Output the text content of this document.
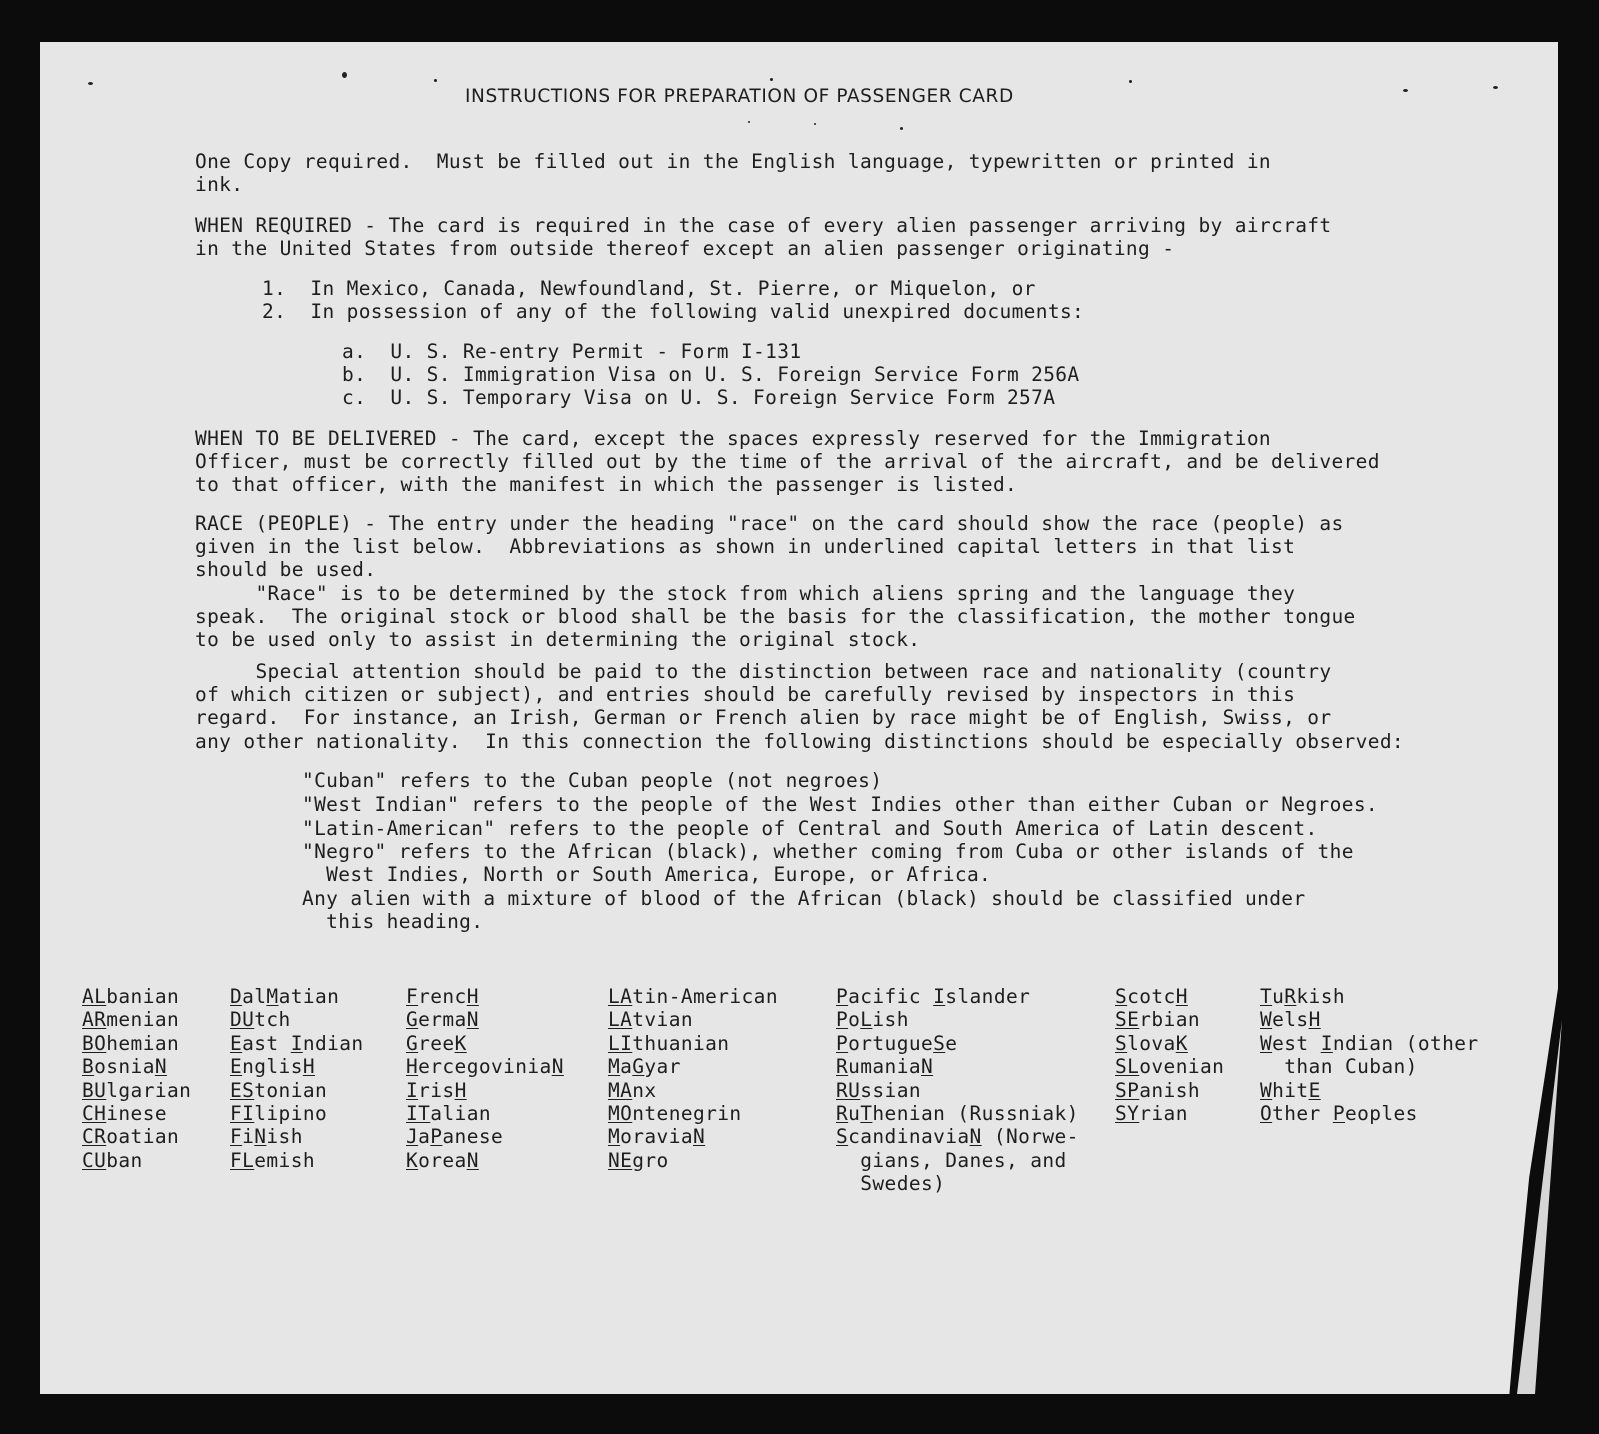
INSTRUCTIONS FOR PREPARATION OF PASSENGER CARD
One Copy required.  Must be filled out in the English language, typewritten or printed in
ink.
WHEN REQUIRED - The card is required in the case of every alien passenger arriving by aircraft
in the United States from outside thereof except an alien passenger originating -
1.  In Mexico, Canada, Newfoundland, St. Pierre, or Miquelon, or
2.  In possession of any of the following valid unexpired documents:
a.  U. S. Re-entry Permit - Form I-131
b.  U. S. Immigration Visa on U. S. Foreign Service Form 256A
c.  U. S. Temporary Visa on U. S. Foreign Service Form 257A
WHEN TO BE DELIVERED - The card, except the spaces expressly reserved for the Immigration
Officer, must be correctly filled out by the time of the arrival of the aircraft, and be delivered
to that officer, with the manifest in which the passenger is listed.
RACE (PEOPLE) - The entry under the heading "race" on the card should show the race (people) as
given in the list below.  Abbreviations as shown in underlined capital letters in that list
should be used.
"Race" is to be determined by the stock from which aliens spring and the language they
speak.  The original stock or blood shall be the basis for the classification, the mother tongue
to be used only to assist in determining the original stock.
Special attention should be paid to the distinction between race and nationality (country
of which citizen or subject), and entries should be carefully revised by inspectors in this
regard.  For instance, an Irish, German or French alien by race might be of English, Swiss, or
any other nationality.  In this connection the following distinctions should be especially observed:
"Cuban" refers to the Cuban people (not negroes)
"West Indian" refers to the people of the West Indies other than either Cuban or Negroes.
"Latin-American" refers to the people of Central and South America of Latin descent.
"Negro" refers to the African (black), whether coming from Cuba or other islands of the
West Indies, North or South America, Europe, or Africa.
Any alien with a mixture of blood of the African (black) should be classified under
this heading.
ALbanian
ARmenian
BOhemian
BosniaN
BUlgarian
CHinese
CRoatian
CUban
DalMatian
DUtch
East Indian
EnglisH
EStonian
FIlipino
FiNish
FLemish
FrencH
GermaN
GreeK
HercegoviniaN
IrisH
ITalian
JaPanese
KoreaN
LAtin-American
LAtvian
LIthuanian
MaGyar
MAnx
MOntenegrin
MoraviaN
NEgro
Pacific Islander
PoLish
PortugueSe
RumaniaN
RUssian
RuThenian (Russniak)
ScandinaviaN (Norwe-
gians, Danes, and
Swedes)
ScotcH
SErbian
SlovaK
SLovenian
SPanish
SYrian
TuRkish
WelsH
West Indian (other
than Cuban)
WhitE
Other Peoples
